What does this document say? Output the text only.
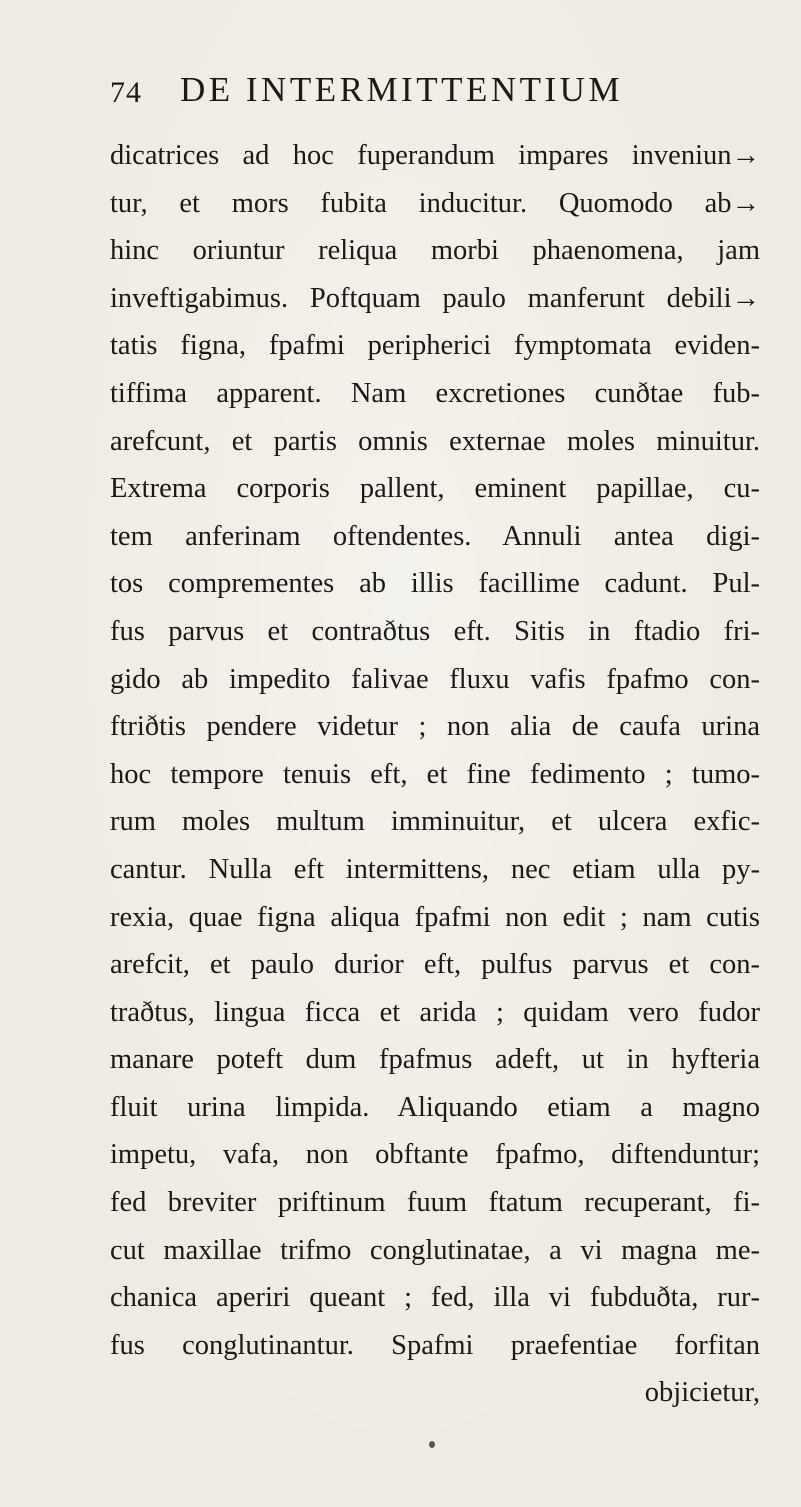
74 DE INTERMITTENTIUM
dicatrices ad hoc fuperandum impares inveniun→
tur, et mors fubita inducitur. Quomodo ab→
hinc oriuntur reliqua morbi phaenomena, jam
inveftigabimus. Poftquam paulo manferunt debili→
tatis figna, fpafmi peripherici fymptomata eviden‐
tiffima apparent. Nam excretiones cunðtae fub‐
arefcunt, et partis omnis externae moles minuitur.
Extrema corporis pallent, eminent papillae, cu‐
tem anferinam oftendentes. Annuli antea digi‐
tos comprementes ab illis facillime cadunt. Pul‐
fus parvus et contraðtus eft. Sitis in ftadio fri‐
gido ab impedito falivae fluxu vafis fpafmo con‐
ftriðtis pendere videtur ; non alia de caufa urina
hoc tempore tenuis eft, et fine fedimento ; tumo‐
rum moles multum imminuitur, et ulcera exfic‐
cantur. Nulla eft intermittens, nec etiam ulla py‐
rexia, quae figna aliqua fpafmi non edit ; nam cutis
arefcit, et paulo durior eft, pulfus parvus et con‐
traðtus, lingua ficca et arida ; quidam vero fudor
manare poteft dum fpafmus adeft, ut in hyfteria
fluit urina limpida. Aliquando etiam a magno
impetu, vafa, non obftante fpafmo, diftenduntur;
fed breviter priftinum fuum ftatum recuperant, fi‐
cut maxillae trifmo conglutinatae, a vi magna me‐
chanica aperiri queant ; fed, illa vi fubduðta, rur‐
fus conglutinantur. Spafmi praefentiae forfitan
objicietur,
